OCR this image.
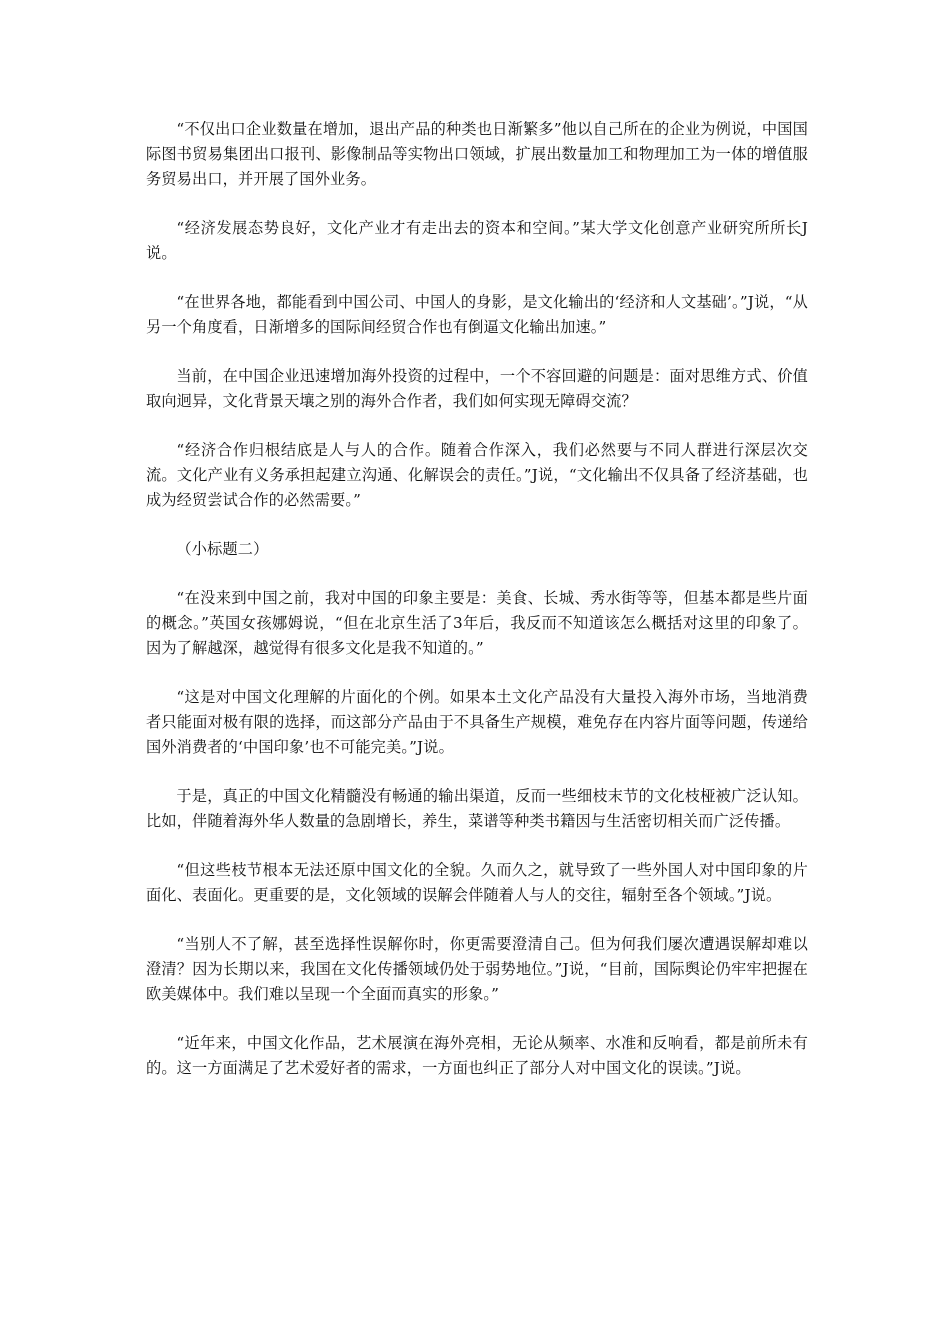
“不仅出口企业数量在增加，退出产品的种类也日渐繁多”他以自己所在的企业为例说，中国国际图书贸易集团出口报刊、影像制品等实物出口领域，扩展出数量加工和物理加工为一体的增值服务贸易出口，并开展了国外业务。

“经济发展态势良好，文化产业才有走出去的资本和空间。”某大学文化创意产业研究所所长J说。

“在世界各地，都能看到中国公司、中国人的身影，是文化输出的‘经济和人文基础’。”J说，“从另一个角度看，日渐增多的国际间经贸合作也有倒逼文化输出加速。”

当前，在中国企业迅速增加海外投资的过程中，一个不容回避的问题是：面对思维方式、价值取向迥异，文化背景天壤之别的海外合作者，我们如何实现无障碍交流？

“经济合作归根结底是人与人的合作。随着合作深入，我们必然要与不同人群进行深层次交流。文化产业有义务承担起建立沟通、化解误会的责任。”J说，“文化输出不仅具备了经济基础，也成为经贸尝试合作的必然需要。”

（小标题二）

“在没来到中国之前，我对中国的印象主要是：美食、长城、秀水街等等，但基本都是些片面的概念。”英国女孩娜姆说，“但在北京生活了3年后，我反而不知道该怎么概括对这里的印象了。因为了解越深，越觉得有很多文化是我不知道的。”

“这是对中国文化理解的片面化的个例。如果本土文化产品没有大量投入海外市场，当地消费者只能面对极有限的选择，而这部分产品由于不具备生产规模，难免存在内容片面等问题，传递给国外消费者的‘中国印象’也不可能完美。”J说。

于是，真正的中国文化精髓没有畅通的输出渠道，反而一些细枝末节的文化枝桠被广泛认知。比如，伴随着海外华人数量的急剧增长，养生，菜谱等种类书籍因与生活密切相关而广泛传播。

“但这些枝节根本无法还原中国文化的全貌。久而久之，就导致了一些外国人对中国印象的片面化、表面化。更重要的是，文化领域的误解会伴随着人与人的交往，辐射至各个领域。”J说。

“当别人不了解，甚至选择性误解你时，你更需要澄清自己。但为何我们屡次遭遇误解却难以澄清？因为长期以来，我国在文化传播领域仍处于弱势地位。”J说，“目前，国际舆论仍牢牢把握在欧美媒体中。我们难以呈现一个全面而真实的形象。”

“近年来，中国文化作品，艺术展演在海外亮相，无论从频率、水准和反响看，都是前所未有的。这一方面满足了艺术爱好者的需求，一方面也纠正了部分人对中国文化的误读。”J说。
